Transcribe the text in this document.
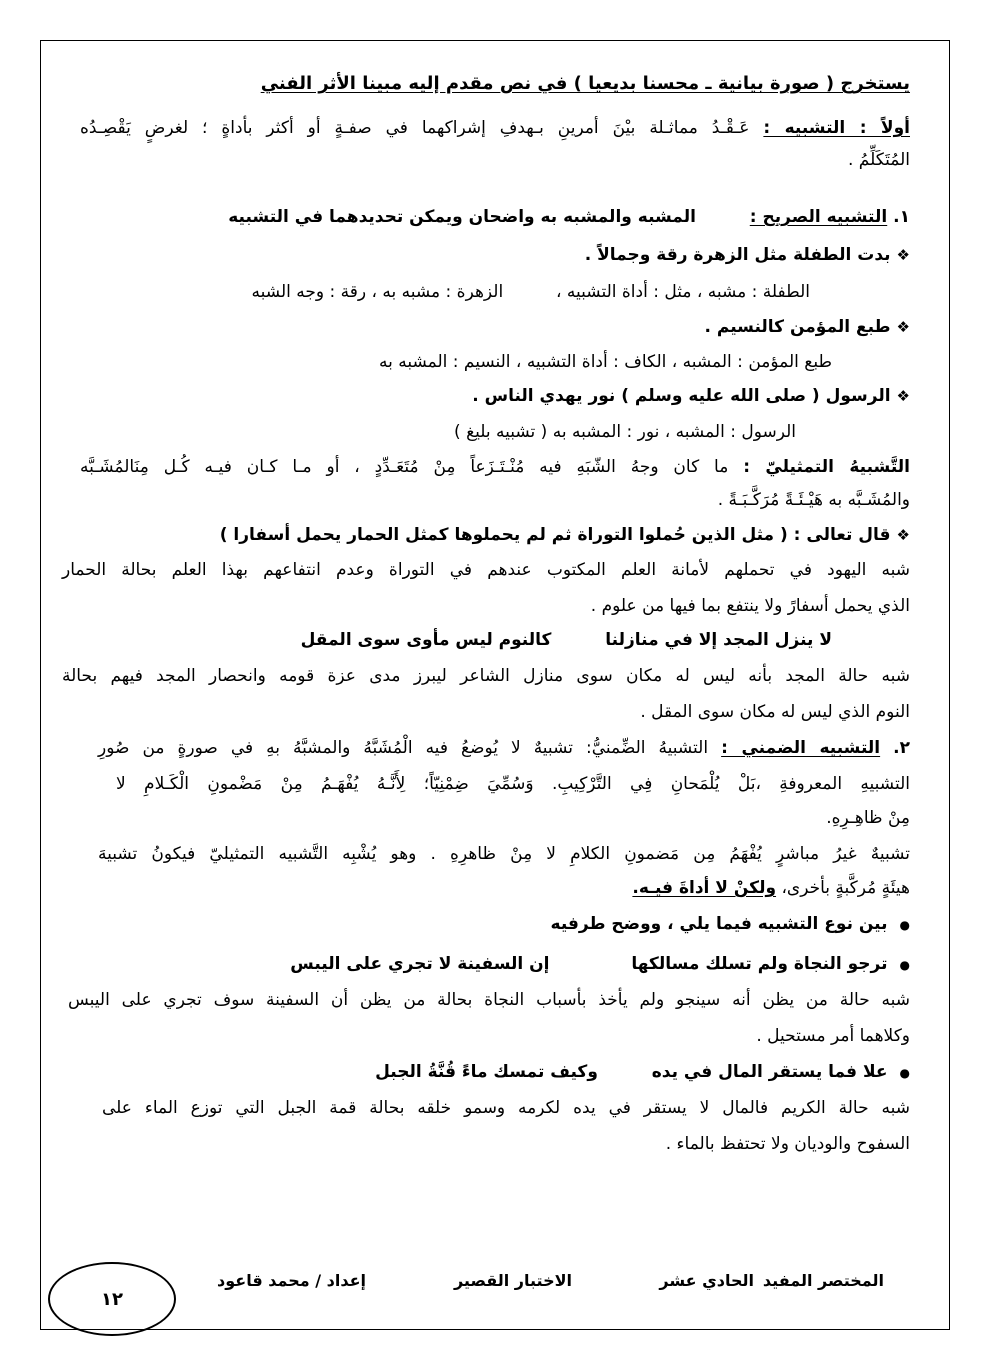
يستخرج ( صورة بيانية ـ محسنا بديعيا ) في نص مقدم إليه مبينا الأثر الفني
أولاً : التشبيه : عَـقْـدُ مماثـلة بيْنَ أمرينِ بـهدفِ إشراكهما في صفـةٍ أو أكثر بأداةٍ ؛ لغرضٍ يَقْصِـدُه
المُتَكَلِّمُ .
١. التشبيه الصريح :  المشبه والمشبه به واضحان ويمكن تحديدهما في التشبيه
❖بدت الطفلة مثل الزهرة رقة وجمالاً .
الطفلة : مشبه ، مثل : أداة التشبيه ،  الزهرة : مشبه به ، رقة : وجه الشبه
❖طبع المؤمن كالنسيم .
طبع المؤمن : المشبه ، الكاف : أداة التشبيه ، النسيم : المشبه به
❖الرسول ( صلى الله عليه وسلم ) نور يهدي الناس .
الرسول : المشبه ، نور : المشبه به ( تشبيه بليغ )
التَّشبيهُ التمثيليّ : ما كان وجهُ الشّبَهِ فيه مُنْـتَـزَعاً مِنْ مُتَعَـدِّدٍ ، أو مـا كـان فيـه كُـل مِنَالمُشَـبَّه
والمُشَـبَّه به هَيْـئَـةً مُرَكَّـبَـةً .
❖قال تعالى : ( مثل الذين حُملوا التوراة ثم لم يحملوها كمثل الحمار يحمل أسفارا )
شبه اليهود في تحملهم لأمانة العلم المكتوب عندهم في التوراة وعدم انتفاعهم بهذا العلم بحالة الحمار
الذي يحمل أسفارً ولا ينتفع بما فيها من علوم .
لا ينزل المجد إلا في منازلنا  كالنوم ليس مأوى سوى المقل
شبه حالة المجد بأنه ليس له مكان سوى منازل الشاعر ليبرز مدى عزة قومه وانحصار المجد فيهم بحالة
النوم الذي ليس له مكان سوى المقل .
٢. التشبيه الضمني : التشبيهُ الضِّمنيُّ: تشبيهٌ لا يُوضعُ فيه الْمُشَبَّهُ والمشبَّهُ بهِ في صورةٍ من صُورِ
التشبيهِ المعروفةِ ،بَلْ يُلْمَحانِ فِي التَّرْكِيبِ. وَسُمِّيَ ضِمْنِيّاً؛ لِأَنَّـهُ يُفْهَـمُ مِنْ مَضْمونِ الْكَـلامِ لا
مِنْ ظاهِـرِهِ.
تشبيهٌ غيرُ مباشرٍ يُفْهَمُ مِن مَضمونِ الكلامِ لا مِنْ ظاهرِهِ . وهو يُشْبِه التَّشبيه التمثيليّ فيكونُ تشبيهَ
هيئَةٍ مُركَّبةٍ بأخرى، ولكنْ لا أداةَ فيـه.
●بين نوع التشبيه فيما يلي ، ووضح طرفيه
●ترجو النجاة ولم تسلك مسالكها  إن السفينة لا تجري على اليبس
شبه حالة من يظن أنه سينجو ولم يأخذ بأسباب النجاة بحالة من يظن أن السفينة سوف تجري على اليبس
وكلاهما أمر مستحيل .
●علا فما يستقر المال في يده  وكيف تمسك ماءً قُنَّةُ الجبل
شبه حالة الكريم فالمال لا يستقر في يده لكرمه وسمو خلقه بحالة قمة الجبل التي توزع الماء على
السفوح والوديان ولا تحتفظ بالماء .
المختصر المفيد
الحادي عشر
الاختبار القصير
إعداد / محمد قاعود
١٢
